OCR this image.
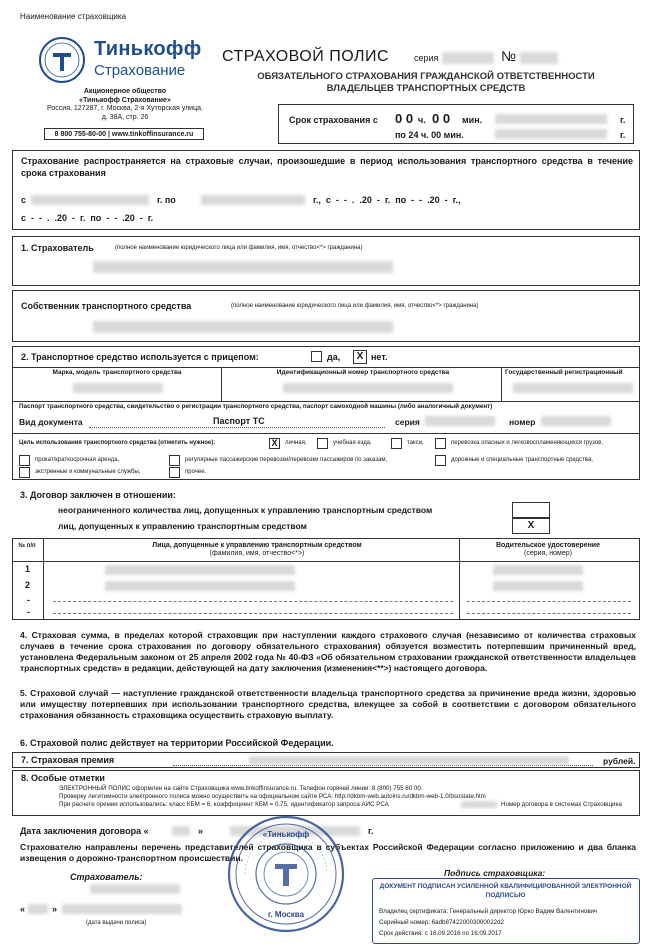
Наименование страховщика
Тинькофф
Страхование
Акционерное общество
«Тинькофф Страхование»
Россия, 127287, г. Москва, 2-я Хуторская улица,
д. 38А, стр. 26
8 800 755-80-00 | www.tinkoffinsurance.ru
СТРАХОВОЙ ПОЛИС	серия	№
ОБЯЗАТЕЛЬНОГО СТРАХОВАНИЯ ГРАЖДАНСКОЙ ОТВЕТСТВЕННОСТИ
ВЛАДЕЛЬЦЕВ ТРАНСПОРТНЫХ СРЕДСТВ
Срок страхования с 0 0 ч. 0 0 мин.	г.
по 24 ч. 00 мин.	г.
Страхование распространяется на страховые случаи, произошедшие в период использования транспортного средства в течение срока страхования
с	г. по	г.,  с  -  -  .  .20  -  г.  по  -  -  .20  -  г.,
с  -  -  .  .20  -  г.  по  -  -  .20  -  г.
1. Страхователь	(полное наименование юридического лица или фамилия, имя, отчество<*> гражданина)
Собственник транспортного средства	(полное наименование юридического лица или фамилия, имя, отчество<*> гражданина)
2. Транспортное средство используется с прицепом:	да,	X нет.
Марка, модель транспортного средства	Идентификационный номер транспортного средства	Государственный регистрационный
Паспорт транспортного средства, свидетельство о регистрации транспортного средства, паспорт самоходной машины (либо аналогичный документ)
Вид документа	Паспорт ТС	серия	номер
Цель использования транспортного средства (отметить нужное):	X	личная,	учебная езда,	такси,	перевозка опасных и легковоспламеняющихся грузов,
прокат/краткосрочная аренда,	регулярные пассажирские перевозки/перевозки пассажиров по заказам,	дорожные и специальные транспортные средства,
экстренные и коммунальные службы,	прочее.
3. Договор заключен в отношении:
неограниченного количества лиц, допущенных к управлению транспортным средством
лиц, допущенных к управлению транспортным средством	X
№ п/п	Лица, допущенные к управлению транспортным средством
(фамилия, имя, отчество<*>)
Водительское удостоверение
(серия, номер)
1
2
-
-
4. Страховая сумма, в пределах которой страховщик при наступлении каждого страхового случая (независимо от количества страховых случаев в течение срока страхования по договору обязательного страхования) обязуется возместить потерпевшим причиненный вред, установлена Федеральным законом от 25 апреля 2002 года № 40-ФЗ «Об обязательном страховании гражданской ответственности владельцев транспортных средств» в редакции, действующей на дату заключения (изменения<**>) настоящего договора.
5. Страховой случай — наступление гражданской ответственности владельца транспортного средства за причинение вреда жизни, здоровью или имуществу потерпевших при использовании транспортного средства, влекущее за собой в соответствии с договором обязательного страхования обязанность страховщика осуществить страховую выплату.
6. Страховой полис действует на территории Российской Федерации.
7. Страховая премия	рублей.
8. Особые отметки
ЭЛЕКТРОННЫЙ ПОЛИС оформлен на сайте Страховщика www.tinkoffinsurance.ru. Телефон горячей линии: 8 (800) 755 80 00.
Проверку легитимности электронного полиса можно осуществить на официальном сайте РСА: http://dkbm-web.autoins.ru/dkbm-web-1.0/bsostate.htm
При расчете премии использовались: класс КБМ = 6, коэффициент КБМ = 0.75, идентификатор запроса АИС РСА	Номер договора в системах Страховщика
Дата заключения договора «	»	г.
Страхователю направлены перечень представителей страховщика в субъектах Российской Федерации согласно приложению и два бланка извещения о дорожно-транспортном происшествии.
Страхователь:
«	»
(дата выдачи полиса)
«Тинькофф
г. Москва
Подпись страховщика:
ДОКУМЕНТ ПОДПИСАН УСИЛЕННОЙ КВАЛИФИЦИРОВАННОЙ ЭЛЕКТРОННОЙ
ПОДПИСЬЮ
Владелец сертификата: Генеральный директор Юрко Вадим Валентинович
Серийный номер: 6adb874220003000022d2
Срок действия: с 16.09.2016 по 16.09.2017
